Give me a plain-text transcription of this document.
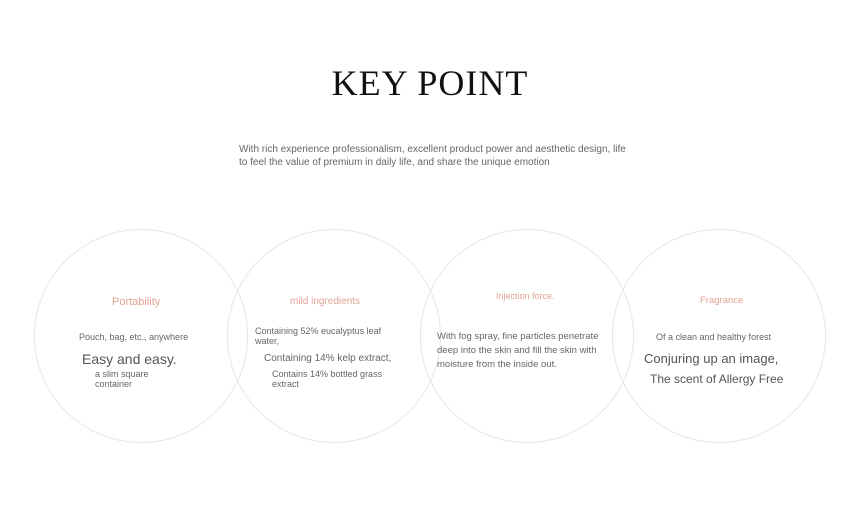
KEY POINT
With rich experience professionalism, excellent product power and aesthetic design, life to feel the value of premium in daily life, and share the unique emotion
Portability
Pouch, bag, etc., anywhere
Easy and easy.
a slim square container
mild ingredients
Containing 52% eucalyptus leaf water,
Containing 14% kelp extract,
Contains 14% bottled grass extract
Injection force.
With fog spray, fine particles penetrate deep into the skin and fill the skin with moisture from the inside out.
Fragrance
Of a clean and healthy forest
Conjuring up an image,
The scent of Allergy Free
